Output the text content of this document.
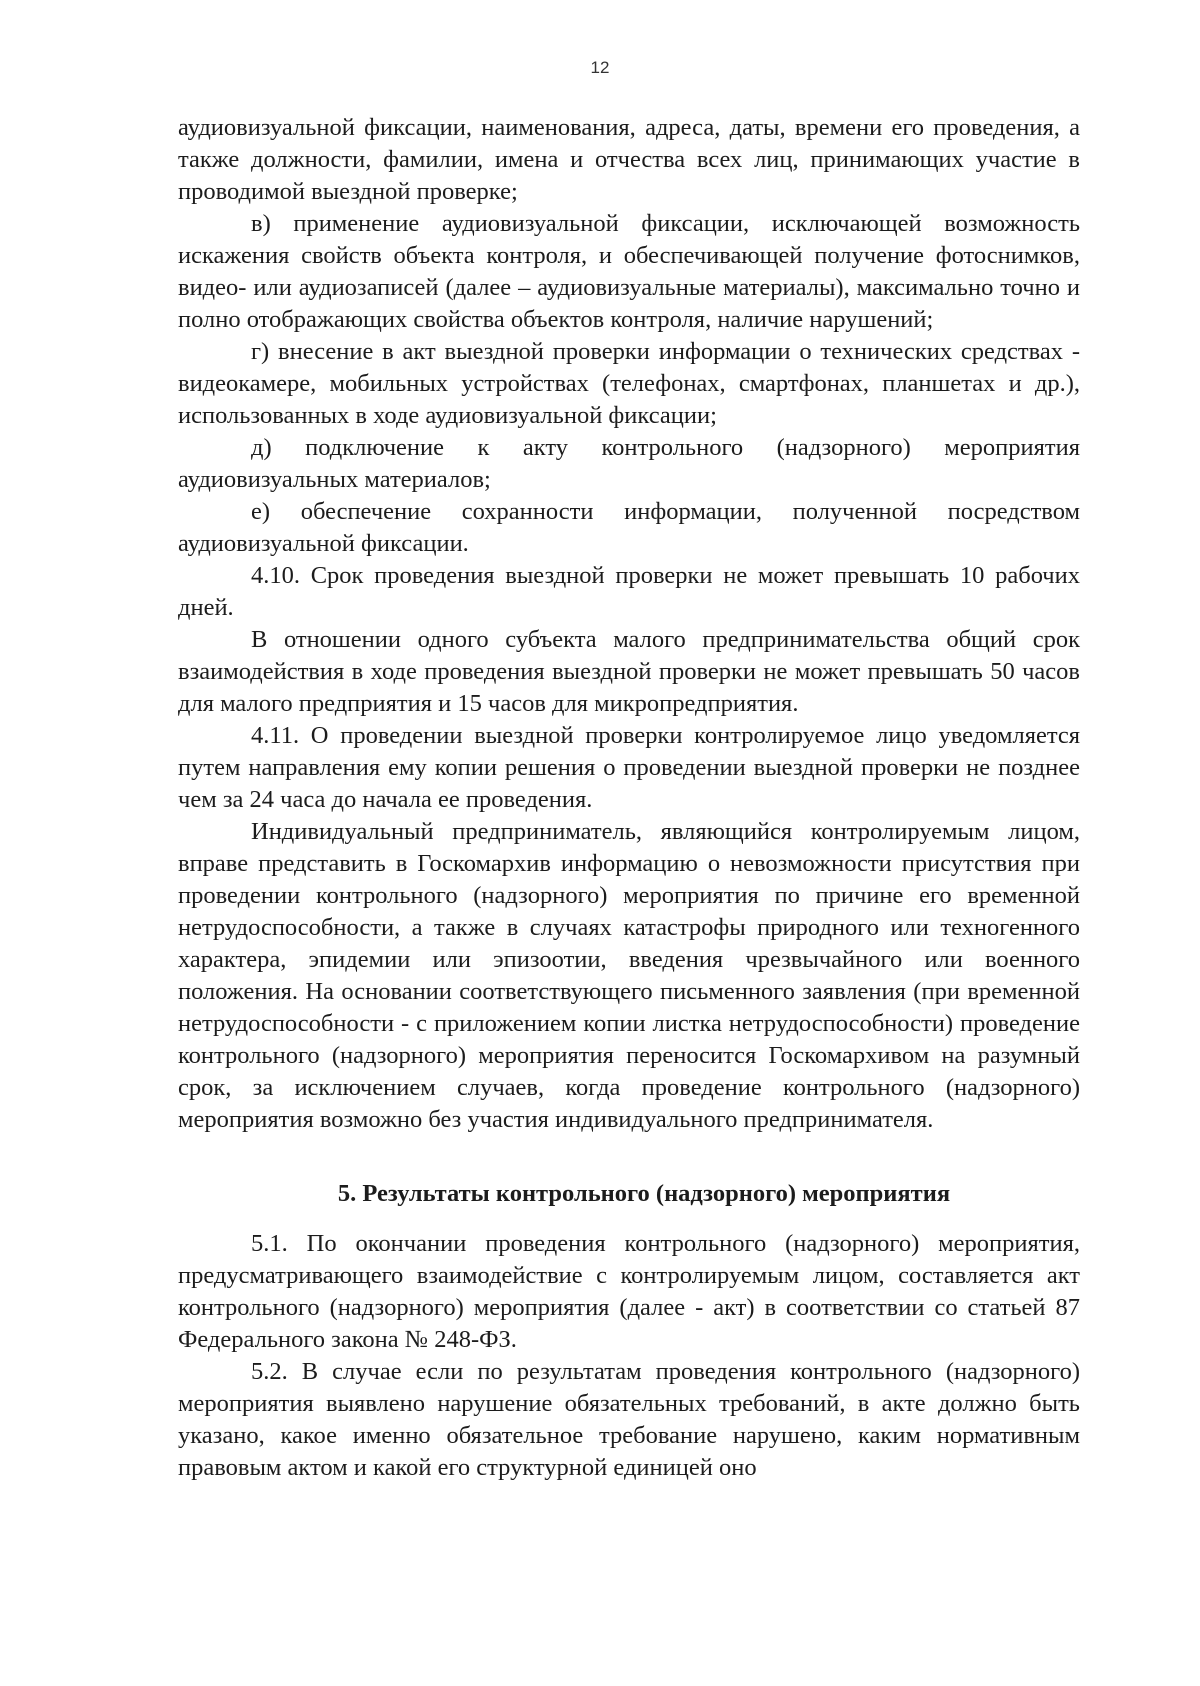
12

аудиовизуальной фиксации, наименования, адреса, даты, времени его проведения, а также должности, фамилии, имена и отчества всех лиц, принимающих участие в проводимой выездной проверке;

в) применение аудиовизуальной фиксации, исключающей возможность искажения свойств объекта контроля, и обеспечивающей получение фотоснимков, видео- или аудиозаписей (далее – аудиовизуальные материалы), максимально точно и полно отображающих свойства объектов контроля, наличие нарушений;

г) внесение в акт выездной проверки информации о технических средствах - видеокамере, мобильных устройствах (телефонах, смартфонах, планшетах и др.), использованных в ходе аудиовизуальной фиксации;

д) подключение к акту контрольного (надзорного) мероприятия аудиовизуальных материалов;

е) обеспечение сохранности информации, полученной посредством аудиовизуальной фиксации.

4.10. Срок проведения выездной проверки не может превышать 10 рабочих дней.

В отношении одного субъекта малого предпринимательства общий срок взаимодействия в ходе проведения выездной проверки не может превышать 50 часов для малого предприятия и 15 часов для микропредприятия.

4.11. О проведении выездной проверки контролируемое лицо уведомляется путем направления ему копии решения о проведении выездной проверки не позднее чем за 24 часа до начала ее проведения.

Индивидуальный предприниматель, являющийся контролируемым лицом, вправе представить в Госкомархив информацию о невозможности присутствия при проведении контрольного (надзорного) мероприятия по причине его временной нетрудоспособности, а также в случаях катастрофы природного или техногенного характера, эпидемии или эпизоотии, введения чрезвычайного или военного положения. На основании соответствующего письменного заявления (при временной нетрудоспособности - с приложением копии листка нетрудоспособности) проведение контрольного (надзорного) мероприятия переносится Госкомархивом на разумный срок, за исключением случаев, когда проведение контрольного (надзорного) мероприятия возможно без участия индивидуального предпринимателя.

5. Результаты контрольного (надзорного) мероприятия

5.1. По окончании проведения контрольного (надзорного) мероприятия, предусматривающего взаимодействие с контролируемым лицом, составляется акт контрольного (надзорного) мероприятия (далее - акт) в соответствии со статьей 87 Федерального закона № 248-ФЗ.

5.2. В случае если по результатам проведения контрольного (надзорного) мероприятия выявлено нарушение обязательных требований, в акте должно быть указано, какое именно обязательное требование нарушено, каким нормативным правовым актом и какой его структурной единицей оно
